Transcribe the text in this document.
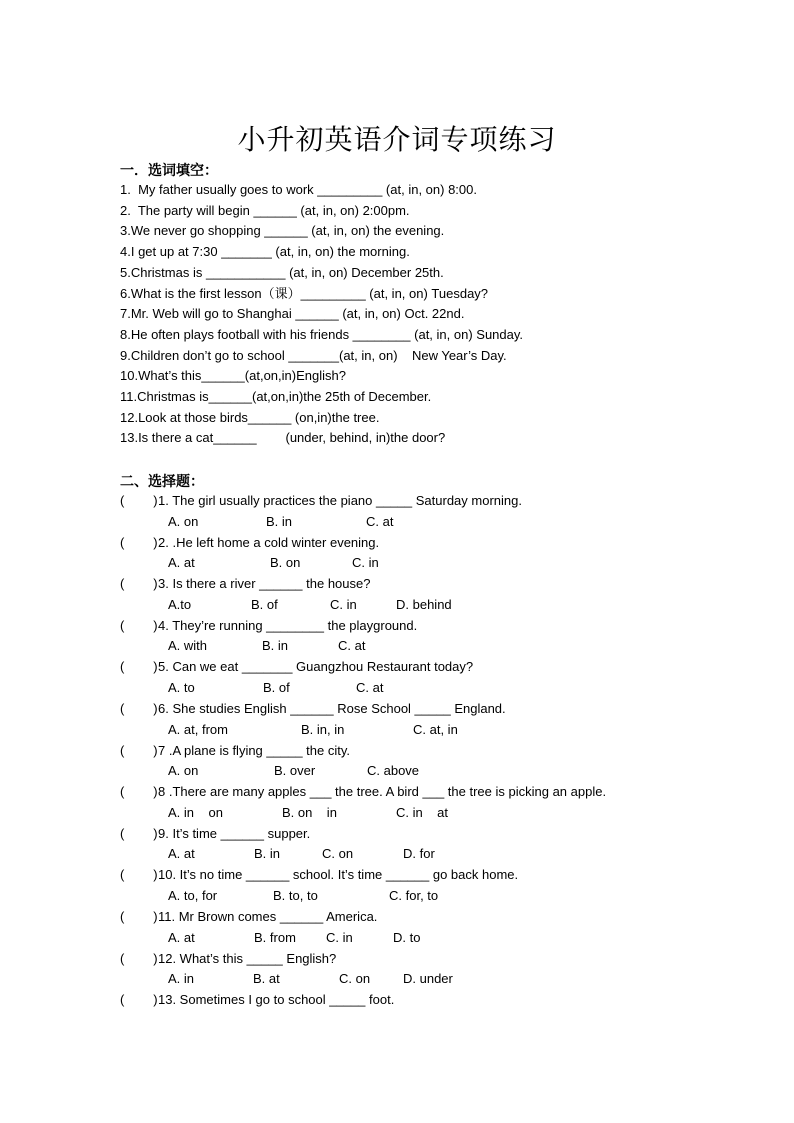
小升初英语介词专项练习
一．选词填空：
1.  My father usually goes to work _________ (at, in, on) 8:00.
2.  The party will begin ______ (at, in, on) 2:00pm.
3.We never go shopping ______ (at, in, on) the evening.
4.I get up at 7:30 _______ (at, in, on) the morning.
5.Christmas is ___________ (at, in, on) December 25th.
6.What is the first lesson（课）_________ (at, in, on) Tuesday?
7.Mr. Web will go to Shanghai ______ (at, in, on) Oct. 22nd.
8.He often plays football with his friends ________ (at, in, on) Sunday.
9.Children don’t go to school _______(at, in, on)    New Year’s Day.
10.What’s this______(at,on,in)English?
11.Christmas is______(at,on,in)the 25th of December.
12.Look at those birds______ (on,in)the tree.
13.Is there a cat______        (under, behind, in)the door?
二、选择题：
(        ) 1. The girl usually practices the piano _____ Saturday morning.
A. on	B. in	C. at
(        ) 2. .He left home a cold winter evening.
A. at	B. on	C. in
(        ) 3. Is there a river ______ the house?
A.to	B. of	C. in	D. behind
(        ) 4. They’re running ________ the playground.
A. with	B. in	C. at
(        ) 5. Can we eat _______ Guangzhou Restaurant today?
A. to	B. of	C. at
(        ) 6. She studies English ______ Rose School _____ England.
A. at, from	B. in, in	C. at, in
(        ) 7 .A plane is flying _____ the city.
A. on	B. over	C. above
(        ) 8 .There are many apples ___ the tree. A bird ___ the tree is picking an apple.
A. in    on	B. on    in	C. in    at
(        ) 9. It’s time ______ supper.
A. at	B. in	C. on	D. for
(        ) 10. It’s no time ______ school. It’s time ______ go back home.
A. to, for	B. to, to	C. for, to
(        ) 11. Mr Brown comes ______ America.
A. at	B. from C. in	D. to
(        ) 12. What’s this _____ English?
A. in	B. at	C. on	D. under
(        ) 13. Sometimes I go to school _____ foot.
